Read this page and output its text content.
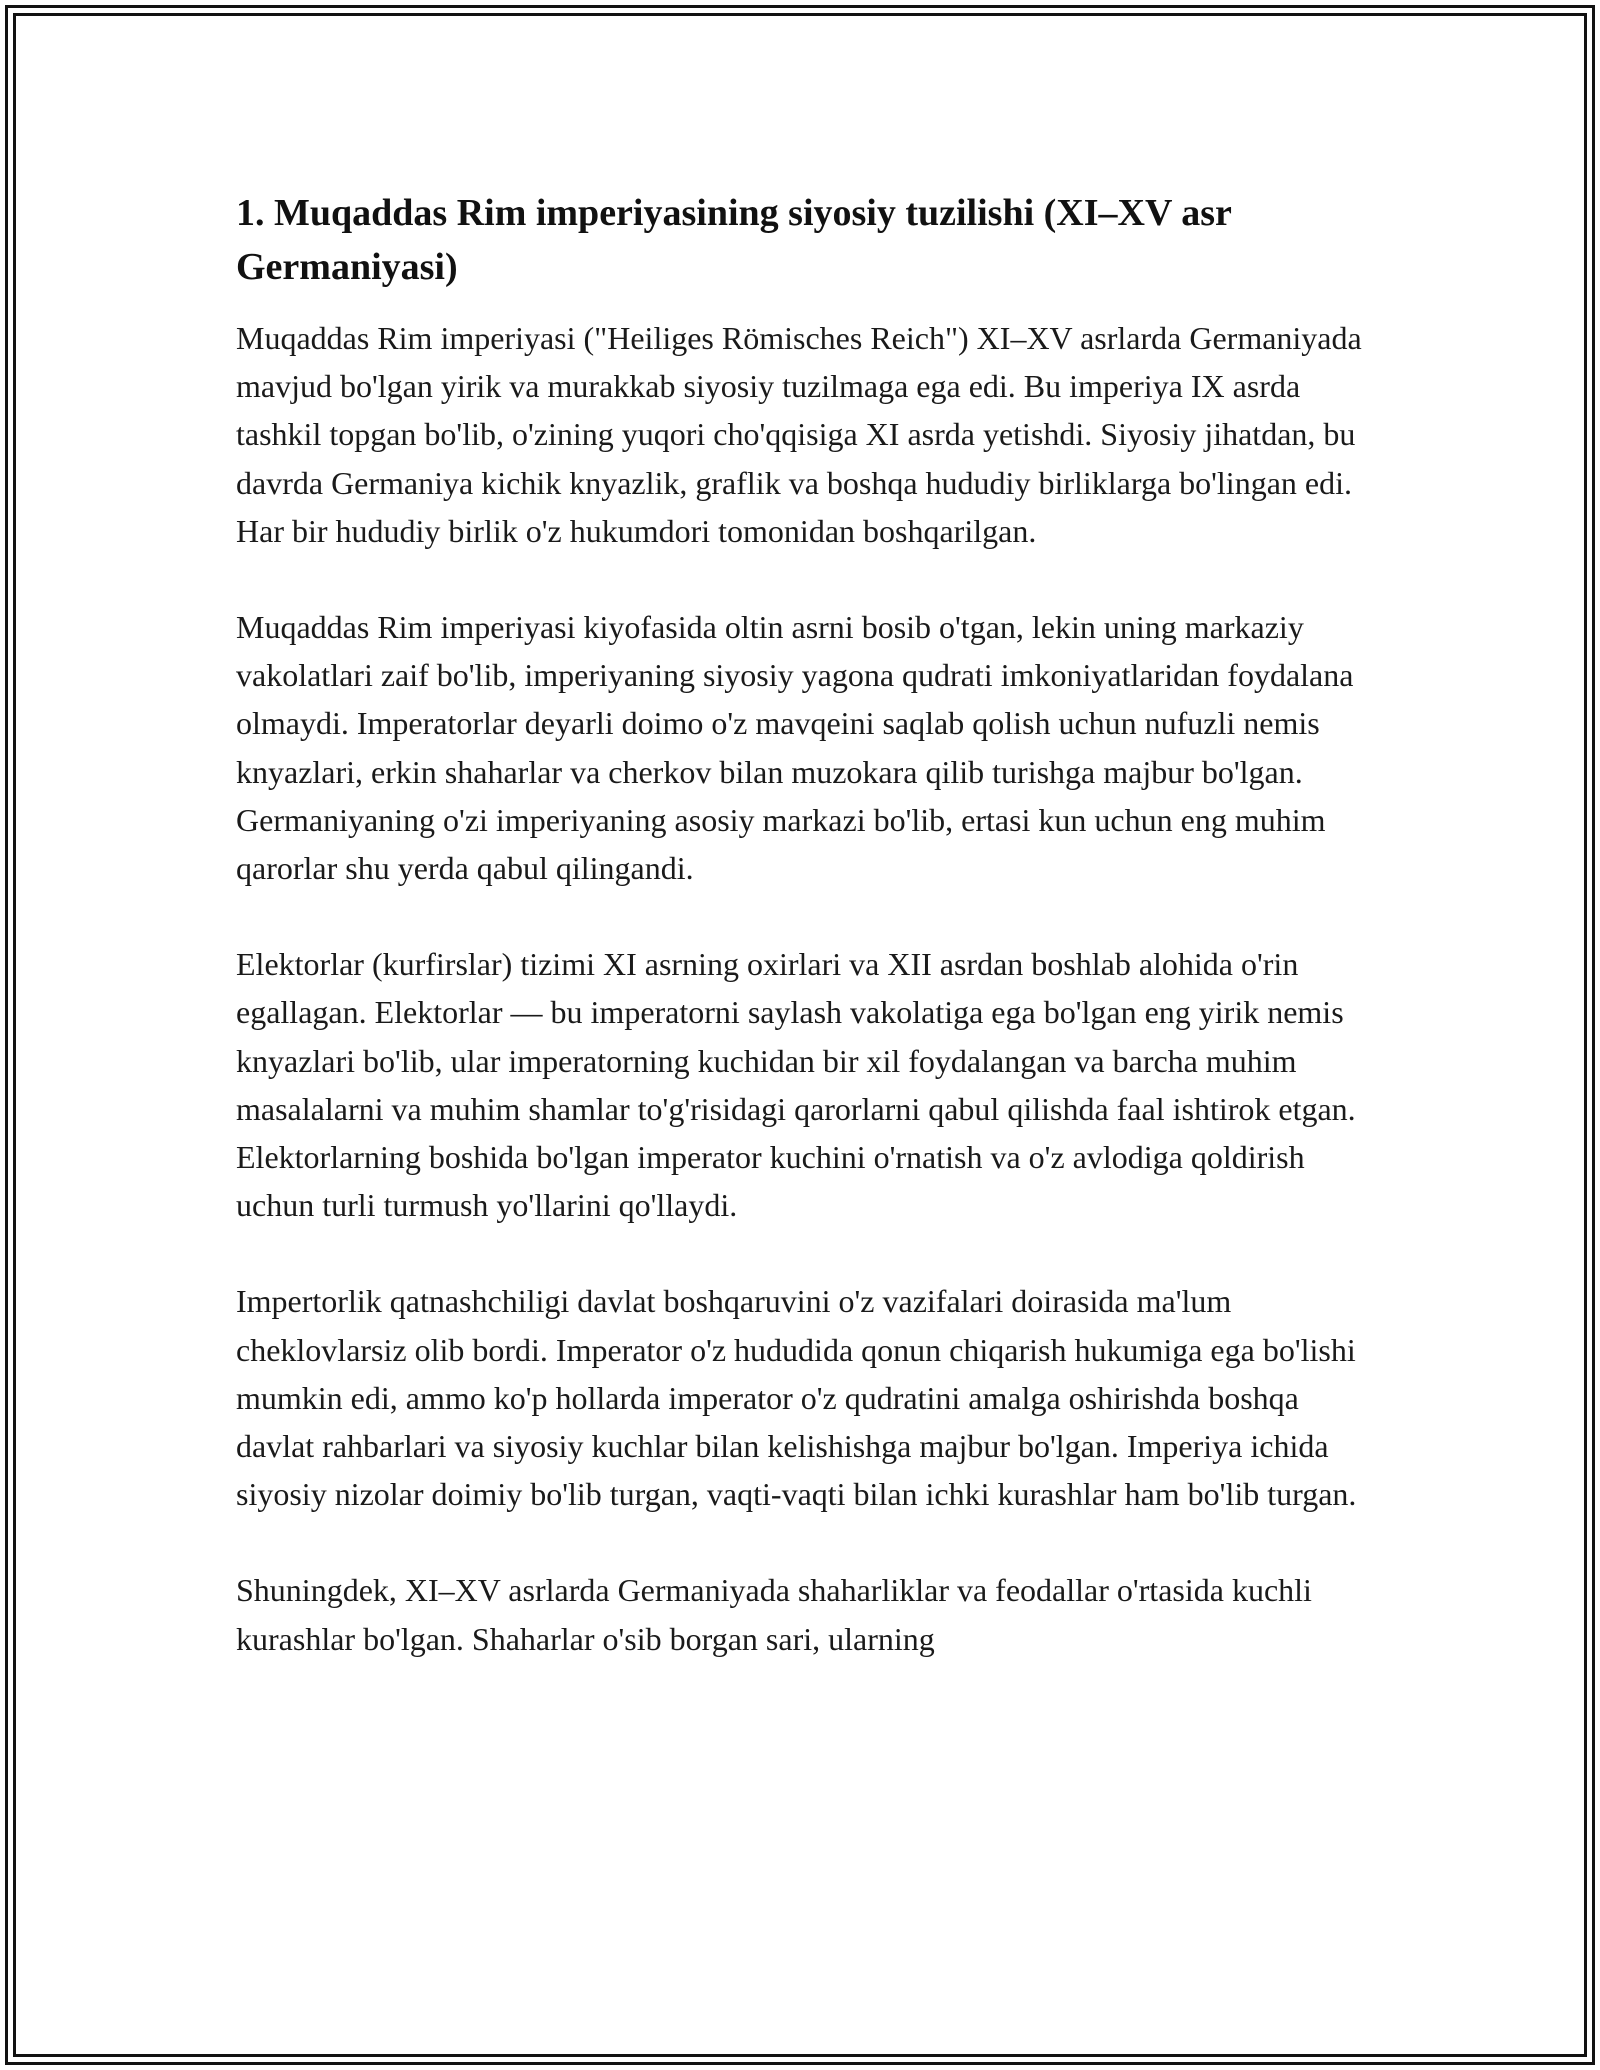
1. Muqaddas Rim imperiyasining siyosiy tuzilishi (XI–XV asr Germaniyasi)

Muqaddas Rim imperiyasi ("Heiliges Römisches Reich") XI–XV asrlarda Germaniyada mavjud bo'lgan yirik va murakkab siyosiy tuzilmaga ega edi. Bu imperiya IX asrda tashkil topgan bo'lib, o'zining yuqori cho'qqisiga XI asrda yetishdi. Siyosiy jihatdan, bu davrda Germaniya kichik knyazlik, graflik va boshqa hududiy birliklarga bo'lingan edi. Har bir hududiy birlik o'z hukumdori tomonidan boshqarilgan.

Muqaddas Rim imperiyasi kiyofasida oltin asrni bosib o'tgan, lekin uning markaziy vakolatlari zaif bo'lib, imperiyaning siyosiy yagona qudrati imkoniyatlaridan foydalana olmaydi. Imperatorlar deyarli doimo o'z mavqeini saqlab qolish uchun nufuzli nemis knyazlari, erkin shaharlar va cherkov bilan muzokara qilib turishga majbur bo'lgan. Germaniyaning o'zi imperiyaning asosiy markazi bo'lib, ertasi kun uchun eng muhim qarorlar shu yerda qabul qilingandi.

Elektorlar (kurfirslar) tizimi XI asrning oxirlari va XII asrdan boshlab alohida o'rin egallagan. Elektorlar — bu imperatorni saylash vakolatiga ega bo'lgan eng yirik nemis knyazlari bo'lib, ular imperatorning kuchidan bir xil foydalangan va barcha muhim masalalarni va muhim shamlar to'g'risidagi qarorlarni qabul qilishda faal ishtirok etgan. Elektorlarning boshida bo'lgan imperator kuchini o'rnatish va o'z avlodiga qoldirish uchun turli turmush yo'llarini qo'llaydi.

Impertorlik qatnashchiligi davlat boshqaruvini o'z vazifalari doirasida ma'lum cheklovlarsiz olib bordi. Imperator o'z hududida qonun chiqarish hukumiga ega bo'lishi mumkin edi, ammo ko'p hollarda imperator o'z qudratini amalga oshirishda boshqa davlat rahbarlari va siyosiy kuchlar bilan kelishishga majbur bo'lgan. Imperiya ichida siyosiy nizolar doimiy bo'lib turgan, vaqti-vaqti bilan ichki kurashlar ham bo'lib turgan.

Shuningdek, XI–XV asrlarda Germaniyada shaharliklar va feodallar o'rtasida kuchli kurashlar bo'lgan. Shaharlar o'sib borgan sari, ularning
